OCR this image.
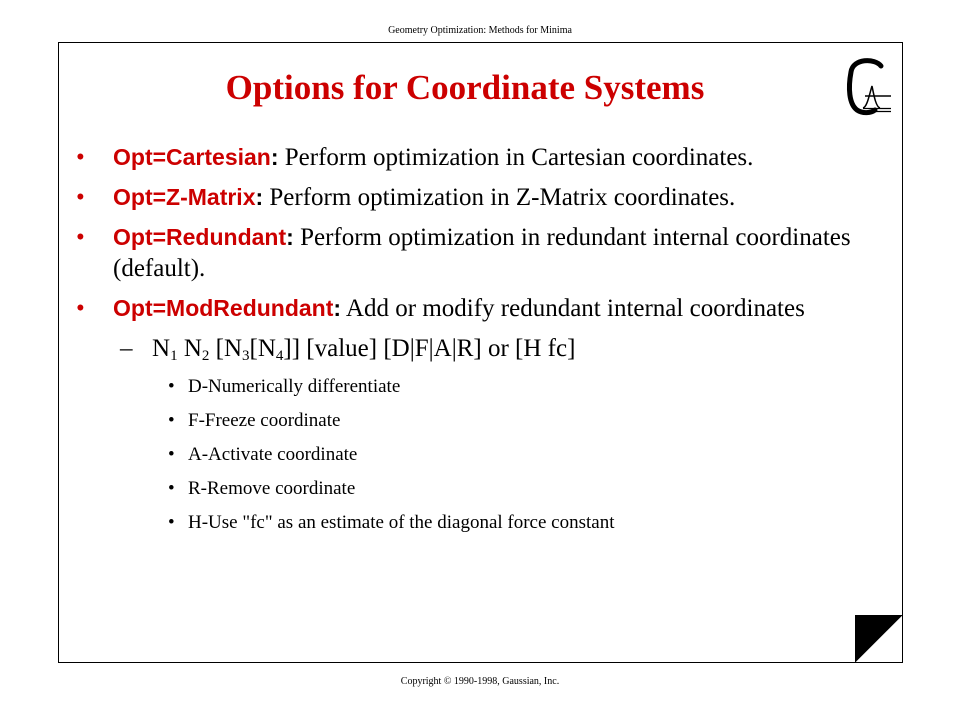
Geometry Optimization: Methods for Minima
Options for Coordinate Systems
• Opt=Cartesian: Perform optimization in Cartesian coordinates.
• Opt=Z-Matrix: Perform optimization in Z-Matrix coordinates.
• Opt=Redundant: Perform optimization in redundant internal coordinates (default).
• Opt=ModRedundant: Add or modify redundant internal coordinates
– $N_1$ $N_2$ $[N_3[N_4]]$ [value] [D|F|A|R] or [H fc]
• D-Numerically differentiate
• F-Freeze coordinate
• A-Activate coordinate
• R-Remove coordinate
• H-Use "fc" as an estimate of the diagonal force constant
Copyright © 1990-1998, Gaussian, Inc.
